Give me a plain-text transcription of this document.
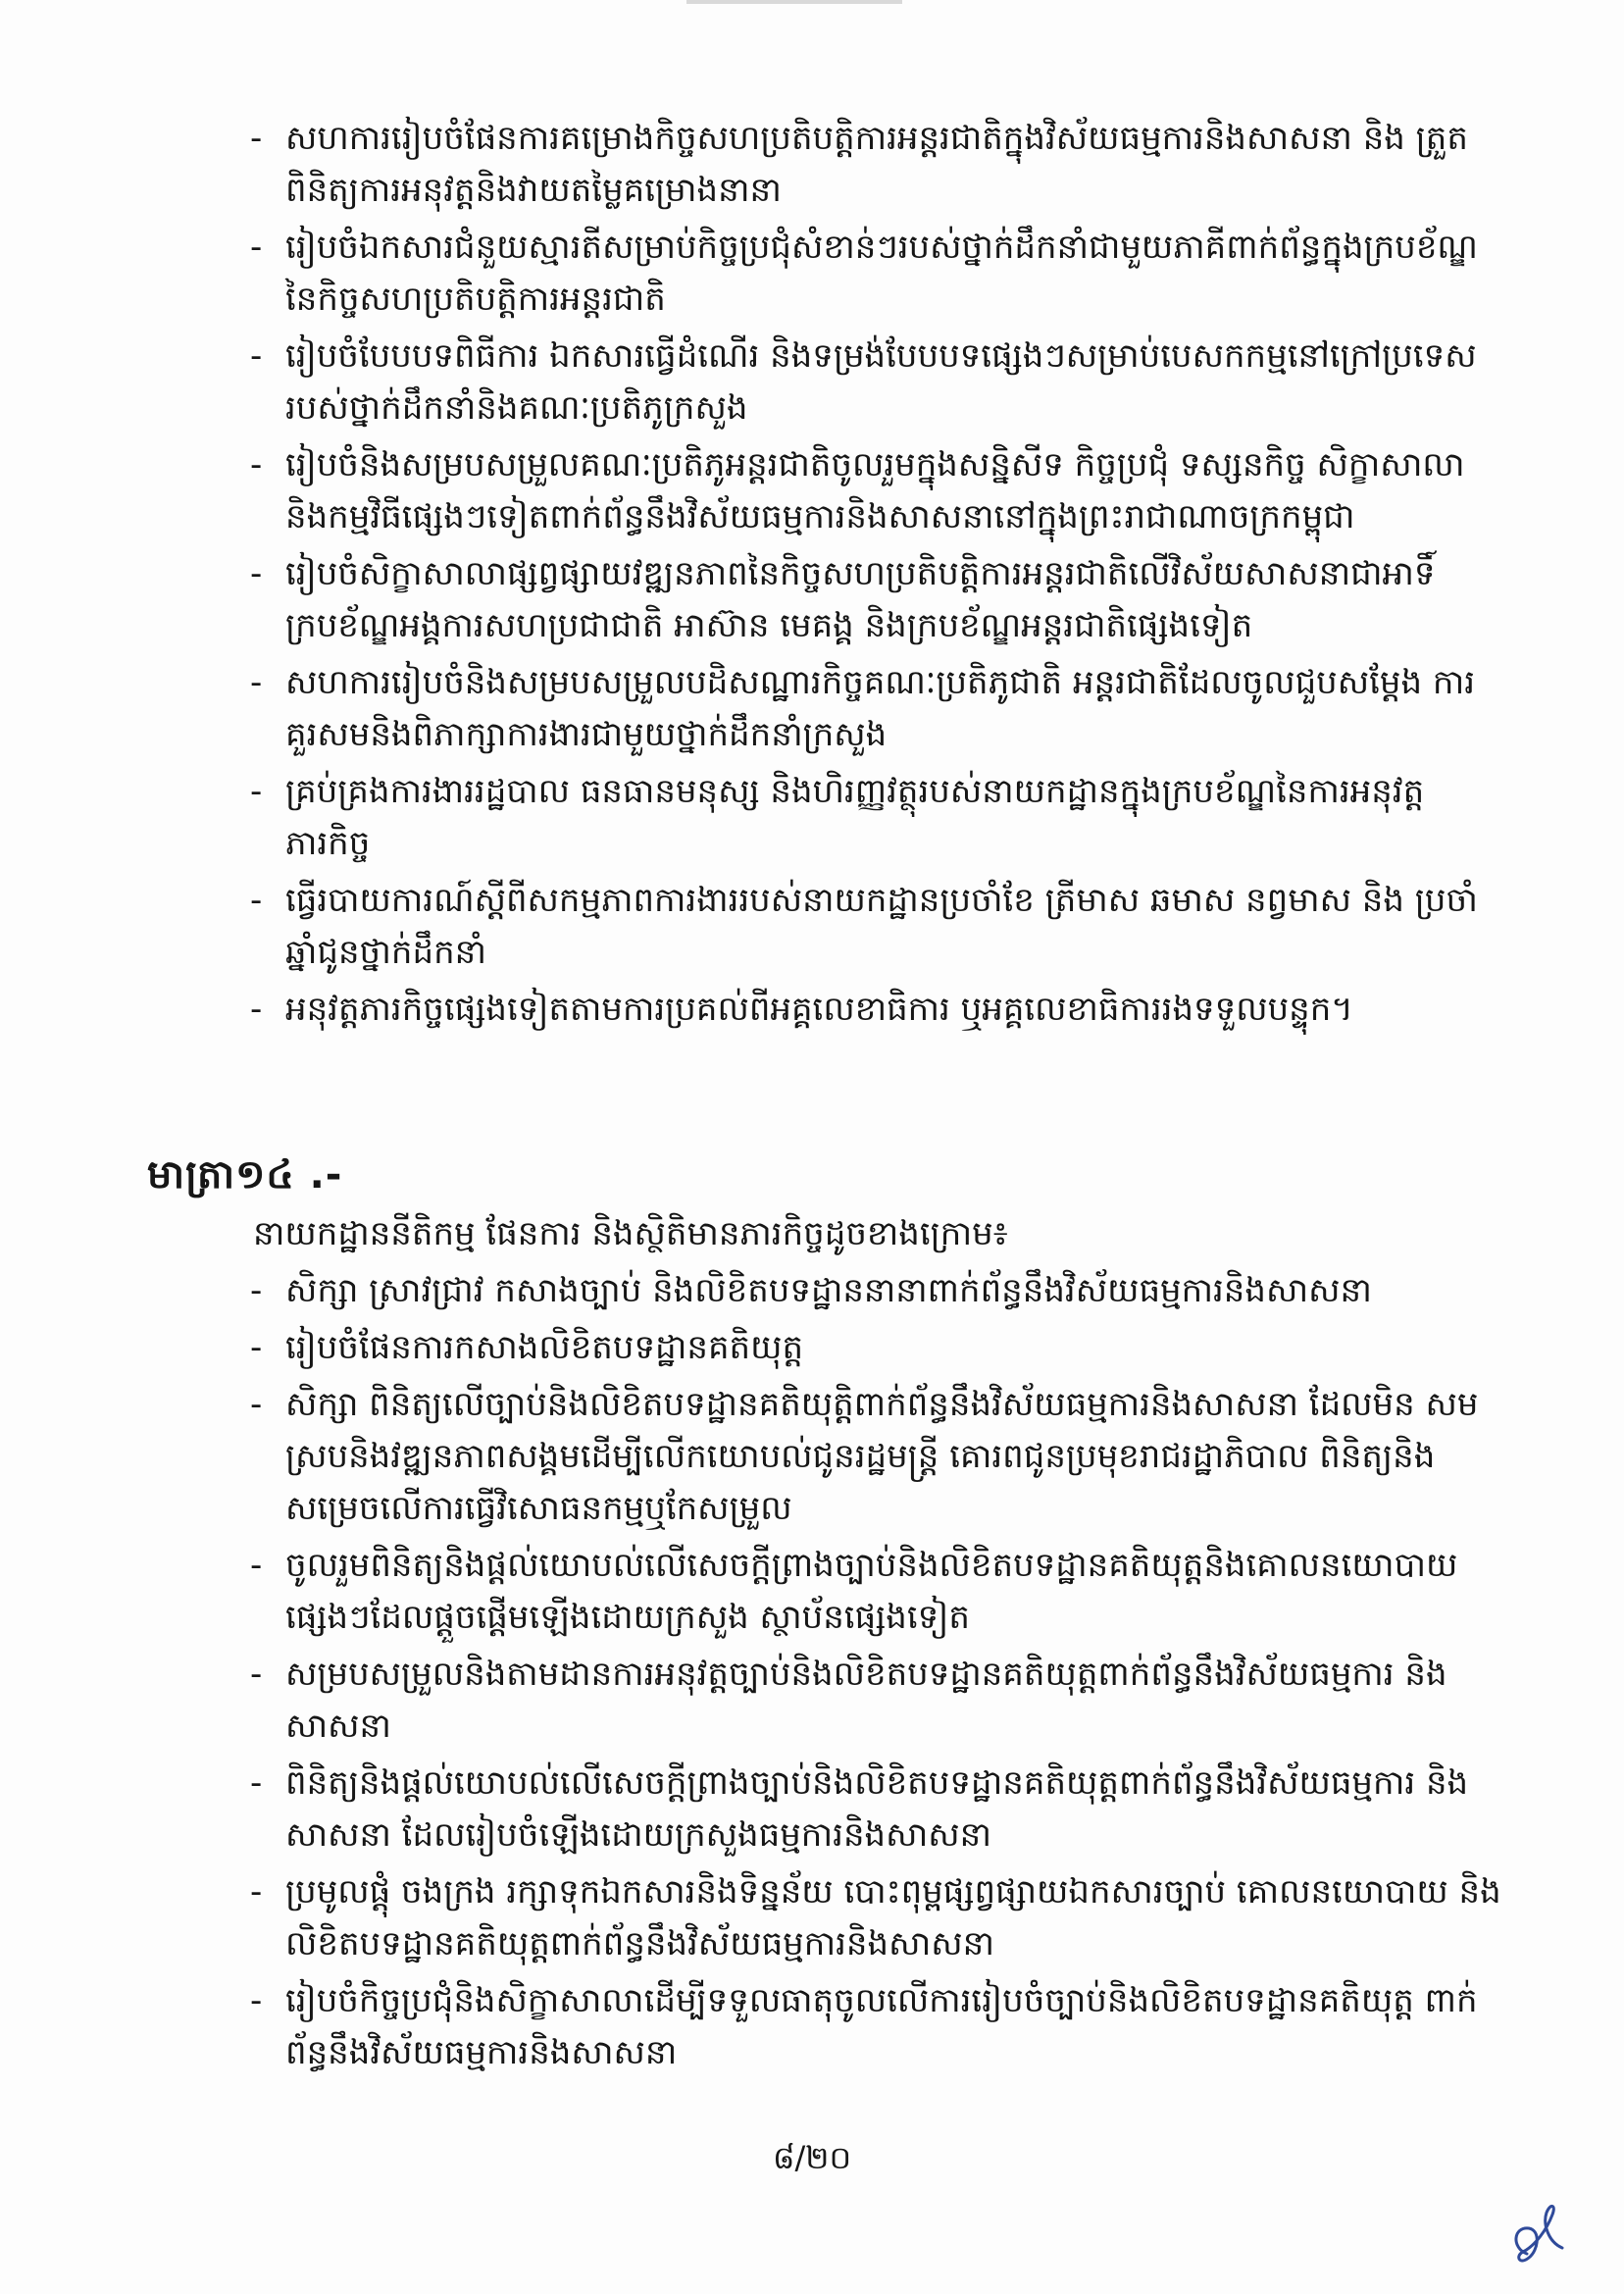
- សហការរៀបចំផែនការគម្រោងកិច្ចសហប្រតិបត្តិការអន្តរជាតិក្នុងវិស័យធម្មការនិងសាសនា និង ត្រួតពិនិត្យការអនុវត្តនិងវាយតម្លៃគម្រោងនានា
- រៀបចំឯកសារជំនួយស្មារតីសម្រាប់កិច្ចប្រជុំសំខាន់ៗរបស់ថ្នាក់ដឹកនាំជាមួយភាគីពាក់ព័ន្ធក្នុងក្របខ័ណ្ឌ នៃកិច្ចសហប្រតិបត្តិការអន្តរជាតិ
- រៀបចំបែបបទពិធីការ ឯកសារធ្វើដំណើរ និងទម្រង់បែបបទផ្សេងៗសម្រាប់បេសកកម្មនៅក្រៅប្រទេស របស់ថ្នាក់ដឹកនាំនិងគណៈប្រតិភូក្រសួង
- រៀបចំនិងសម្របសម្រួលគណៈប្រតិភូអន្តរជាតិចូលរួមក្នុងសន្និសីទ កិច្ចប្រជុំ ទស្សនកិច្ច សិក្ខាសាលា និងកម្មវិធីផ្សេងៗទៀតពាក់ព័ន្ធនឹងវិស័យធម្មការនិងសាសនានៅក្នុងព្រះរាជាណាចក្រកម្ពុជា
- រៀបចំសិក្ខាសាលាផ្សព្វផ្សាយវឌ្ឍនភាពនៃកិច្ចសហប្រតិបត្តិការអន្តរជាតិលើវិស័យសាសនាជាអាទិ៍ ក្របខ័ណ្ឌអង្គការសហប្រជាជាតិ អាស៊ាន មេគង្គ និងក្របខ័ណ្ឌអន្តរជាតិផ្សេងទៀត
- សហការរៀបចំនិងសម្របសម្រួលបដិសណ្ឋារកិច្ចគណៈប្រតិភូជាតិ អន្តរជាតិដែលចូលជួបសម្តែង ការគួរសមនិងពិភាក្សាការងារជាមួយថ្នាក់ដឹកនាំក្រសួង
- គ្រប់គ្រងការងាររដ្ឋបាល ធនធានមនុស្ស និងហិរញ្ញវត្ថុរបស់នាយកដ្ឋានក្នុងក្របខ័ណ្ឌនៃការអនុវត្ត ភារកិច្ច
- ធ្វើរបាយការណ៍ស្តីពីសកម្មភាពការងាររបស់នាយកដ្ឋានប្រចាំខែ ត្រីមាស ឆមាស នព្វមាស និង ប្រចាំឆ្នាំជូនថ្នាក់ដឹកនាំ
- អនុវត្តភារកិច្ចផ្សេងទៀតតាមការប្រគល់ពីអគ្គលេខាធិការ ឬអគ្គលេខាធិការរងទទួលបន្ទុក។
មាត្រា១៤ .-
នាយកដ្ឋាននីតិកម្ម ផែនការ និងស្ថិតិមានភារកិច្ចដូចខាងក្រោម៖
- សិក្សា ស្រាវជ្រាវ កសាងច្បាប់ និងលិខិតបទដ្ឋាននានាពាក់ព័ន្ធនឹងវិស័យធម្មការនិងសាសនា
- រៀបចំផែនការកសាងលិខិតបទដ្ឋានគតិយុត្ត
- សិក្សា ពិនិត្យលើច្បាប់និងលិខិតបទដ្ឋានគតិយុត្តិពាក់ព័ន្ធនឹងវិស័យធម្មការនិងសាសនា ដែលមិន សមស្របនិងវឌ្ឍនភាពសង្គមដើម្បីលើកយោបល់ជូនរដ្ឋមន្ត្រី គោរពជូនប្រមុខរាជរដ្ឋាភិបាល ពិនិត្យនិងសម្រេចលើការធ្វើវិសោធនកម្មឬកែសម្រួល
- ចូលរួមពិនិត្យនិងផ្តល់យោបល់លើសេចក្តីព្រាងច្បាប់និងលិខិតបទដ្ឋានគតិយុត្តនិងគោលនយោបាយ ផ្សេងៗដែលផ្តួចផ្តើមឡើងដោយក្រសួង ស្ថាប័នផ្សេងទៀត
- សម្របសម្រួលនិងតាមដានការអនុវត្តច្បាប់និងលិខិតបទដ្ឋានគតិយុត្តពាក់ព័ន្ធនឹងវិស័យធម្មការ និងសាសនា
- ពិនិត្យនិងផ្តល់យោបល់លើសេចក្តីព្រាងច្បាប់និងលិខិតបទដ្ឋានគតិយុត្តពាក់ព័ន្ធនឹងវិស័យធម្មការ និងសាសនា ដែលរៀបចំឡើងដោយក្រសួងធម្មការនិងសាសនា
- ប្រមូលផ្តុំ ចងក្រង រក្សាទុកឯកសារនិងទិន្នន័យ បោះពុម្ពផ្សព្វផ្សាយឯកសារច្បាប់ គោលនយោបាយ និងលិខិតបទដ្ឋានគតិយុត្តពាក់ព័ន្ធនឹងវិស័យធម្មការនិងសាសនា
- រៀបចំកិច្ចប្រជុំនិងសិក្ខាសាលាដើម្បីទទួលធាតុចូលលើការរៀបចំច្បាប់និងលិខិតបទដ្ឋានគតិយុត្ត ពាក់ព័ន្ធនឹងវិស័យធម្មការនិងសាសនា
៨/២០
